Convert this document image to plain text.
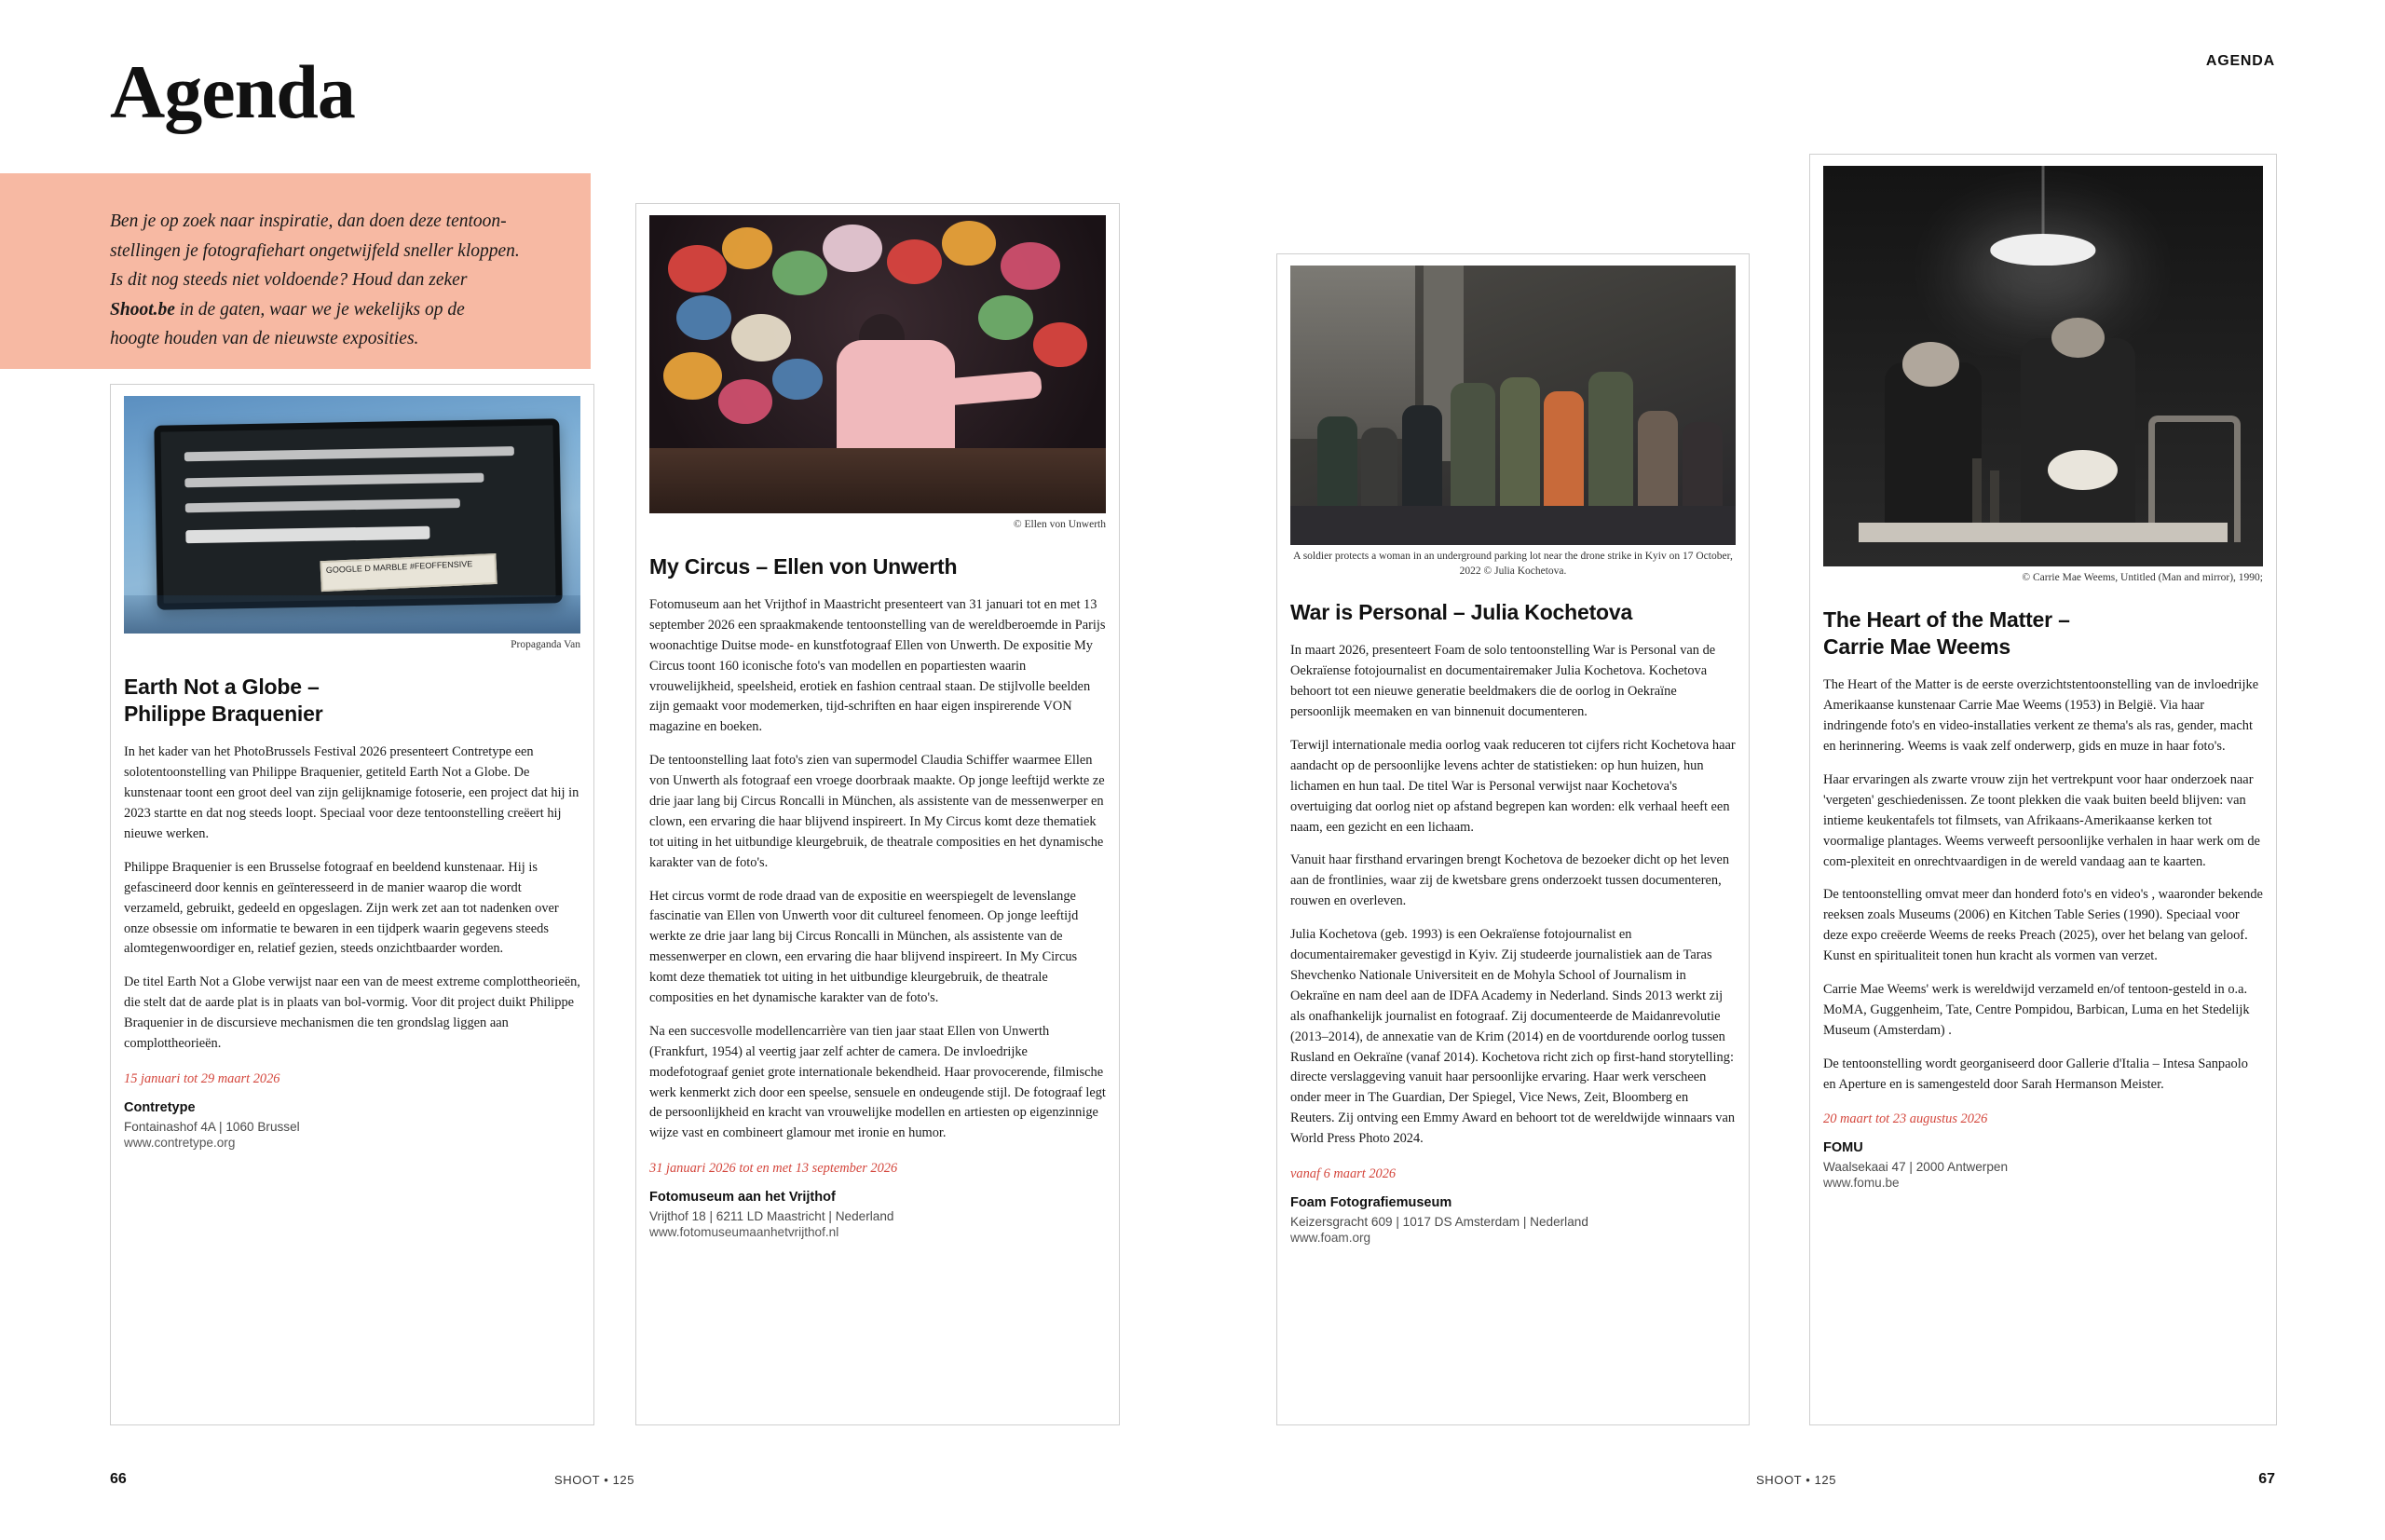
AGENDA
Agenda
Ben je op zoek naar inspiratie, dan doen deze tentoon-
stellingen je fotografiehart ongetwijfeld sneller kloppen.
Is dit nog steeds niet voldoende? Houd dan zeker
Shoot.be in de gaten, waar we je wekelijks op de
hoogte houden van de nieuwste exposities.
GOOGLE D MARBLE #FEOFFENSIVE
Propaganda Van
Earth Not a Globe –
Philippe Braquenier

In het kader van het PhotoBrussels Festival 2026 presenteert Contretype een solotentoonstelling van Philippe Braquenier, getiteld Earth Not a Globe. De kunstenaar toont een groot deel van zijn gelijknamige fotoserie, een project dat hij in 2023 startte en dat nog steeds loopt. Speciaal voor deze tentoonstelling creëert hij nieuwe werken.

Philippe Braquenier is een Brusselse fotograaf en beeldend kunstenaar. Hij is gefascineerd door kennis en geïnteresseerd in de manier waarop die wordt verzameld, gebruikt, gedeeld en opgeslagen. Zijn werk zet aan tot nadenken over onze obsessie om informatie te bewaren in een tijdperk waarin gegevens steeds alomtegenwoordiger en, relatief gezien, steeds onzichtbaarder worden.

De titel Earth Not a Globe verwijst naar een van de meest extreme complottheorieën, die stelt dat de aarde plat is in plaats van bol-vormig. Voor dit project duikt Philippe Braquenier in de discursieve mechanismen die ten grondslag liggen aan complottheorieën.

15 januari tot 29 maart 2026
Contretype
Fontainashof 4A | 1060 Brussel
www.contretype.org
© Ellen von Unwerth
My Circus – Ellen von Unwerth

Fotomuseum aan het Vrijthof in Maastricht presenteert van 31 januari tot en met 13 september 2026 een spraakmakende tentoonstelling van de wereldberoemde in Parijs woonachtige Duitse mode- en kunstfotograaf Ellen von Unwerth. De expositie My Circus toont 160 iconische foto's van modellen en popartiesten waarin vrouwelijkheid, speelsheid, erotiek en fashion centraal staan. De stijlvolle beelden zijn gemaakt voor modemerken, tijd-schriften en haar eigen inspirerende VON magazine en boeken.

De tentoonstelling laat foto's zien van supermodel Claudia Schiffer waarmee Ellen von Unwerth als fotograaf een vroege doorbraak maakte. Op jonge leeftijd werkte ze drie jaar lang bij Circus Roncalli in München, als assistente van de messenwerper en clown, een ervaring die haar blijvend inspireert. In My Circus komt deze thematiek tot uiting in het uitbundige kleurgebruik, de theatrale composities en het dynamische karakter van de foto's.

Het circus vormt de rode draad van de expositie en weerspiegelt de levenslange fascinatie van Ellen von Unwerth voor dit cultureel fenomeen. Op jonge leeftijd werkte ze drie jaar lang bij Circus Roncalli in München, als assistente van de messenwerper en clown, een ervaring die haar blijvend inspireert. In My Circus komt deze thematiek tot uiting in het uitbundige kleurgebruik, de theatrale composities en het dynamische karakter van de foto's.

Na een succesvolle modellencarrière van tien jaar staat Ellen von Unwerth (Frankfurt, 1954) al veertig jaar zelf achter de camera. De invloedrijke modefotograaf geniet grote internationale bekendheid. Haar provocerende, filmische werk kenmerkt zich door een speelse, sensuele en ondeugende stijl. De fotograaf legt de persoonlijkheid en kracht van vrouwelijke modellen en artiesten op eigenzinnige wijze vast en combineert glamour met ironie en humor.

31 januari 2026 tot en met 13 september 2026
Fotomuseum aan het Vrijthof
Vrijthof 18 | 6211 LD Maastricht | Nederland
www.fotomuseumaanhetvrijthof.nl
A soldier protects a woman in an underground parking lot near the drone strike in Kyiv on 17 October, 2022 © Julia Kochetova.
War is Personal – Julia Kochetova

In maart 2026, presenteert Foam de solo tentoonstelling War is Personal van de Oekraïense fotojournalist en documentairemaker Julia Kochetova. Kochetova behoort tot een nieuwe generatie beeldmakers die de oorlog in Oekraïne persoonlijk meemaken en van binnenuit documenteren.

Terwijl internationale media oorlog vaak reduceren tot cijfers richt Kochetova haar aandacht op de persoonlijke levens achter de statistieken: op hun huizen, hun lichamen en hun taal. De titel War is Personal verwijst naar Kochetova's overtuiging dat oorlog niet op afstand begrepen kan worden: elk verhaal heeft een naam, een gezicht en een lichaam.

Vanuit haar firsthand ervaringen brengt Kochetova de bezoeker dicht op het leven aan de frontlinies, waar zij de kwetsbare grens onderzoekt tussen documenteren, rouwen en overleven.

Julia Kochetova (geb. 1993) is een Oekraïense fotojournalist en documentairemaker gevestigd in Kyiv. Zij studeerde journalistiek aan de Taras Shevchenko Nationale Universiteit en de Mohyla School of Journalism in Oekraïne en nam deel aan de IDFA Academy in Nederland. Sinds 2013 werkt zij als onafhankelijk journalist en fotograaf. Zij documenteerde de Maidanrevolutie (2013–2014), de annexatie van de Krim (2014) en de voortdurende oorlog tussen Rusland en Oekraïne (vanaf 2014). Kochetova richt zich op first-hand storytelling: directe verslaggeving vanuit haar persoonlijke ervaring. Haar werk verscheen onder meer in The Guardian, Der Spiegel, Vice News, Zeit, Bloomberg en Reuters. Zij ontving een Emmy Award en behoort tot de wereldwijde winnaars van World Press Photo 2024.

vanaf 6 maart 2026
Foam Fotografiemuseum
Keizersgracht 609 | 1017 DS Amsterdam | Nederland
www.foam.org
© Carrie Mae Weems, Untitled (Man and mirror), 1990;
The Heart of the Matter –
Carrie Mae Weems

The Heart of the Matter is de eerste overzichtstentoonstelling van de invloedrijke Amerikaanse kunstenaar Carrie Mae Weems (1953) in België. Via haar indringende foto's en video-installaties verkent ze thema's als ras, gender, macht en herinnering. Weems is vaak zelf onderwerp, gids en muze in haar foto's.

Haar ervaringen als zwarte vrouw zijn het vertrekpunt voor haar onderzoek naar 'vergeten' geschiedenissen. Ze toont plekken die vaak buiten beeld blijven: van intieme keukentafels tot filmsets, van Afrikaans-Amerikaanse kerken tot voormalige plantages. Weems verweeft persoonlijke verhalen in haar werk om de com-plexiteit en onrechtvaardigen in de wereld vandaag aan te kaarten.

De tentoonstelling omvat meer dan honderd foto's en video's , waaronder bekende reeksen zoals Museums (2006) en Kitchen Table Series (1990). Speciaal voor deze expo creëerde Weems de reeks Preach (2025), over het belang van geloof. Kunst en spiritualiteit tonen hun kracht als vormen van verzet.

Carrie Mae Weems' werk is wereldwijd verzameld en/of tentoon-gesteld in o.a. MoMA, Guggenheim, Tate, Centre Pompidou, Barbican, Luma en het Stedelijk Museum (Amsterdam) .

De tentoonstelling wordt georganiseerd door Gallerie d'Italia – Intesa Sanpaolo en Aperture en is samengesteld door Sarah Hermanson Meister.

20 maart tot 23 augustus 2026
FOMU
Waalsekaai 47 | 2000 Antwerpen
www.fomu.be
66	SHOOT • 125	SHOOT • 125	67
